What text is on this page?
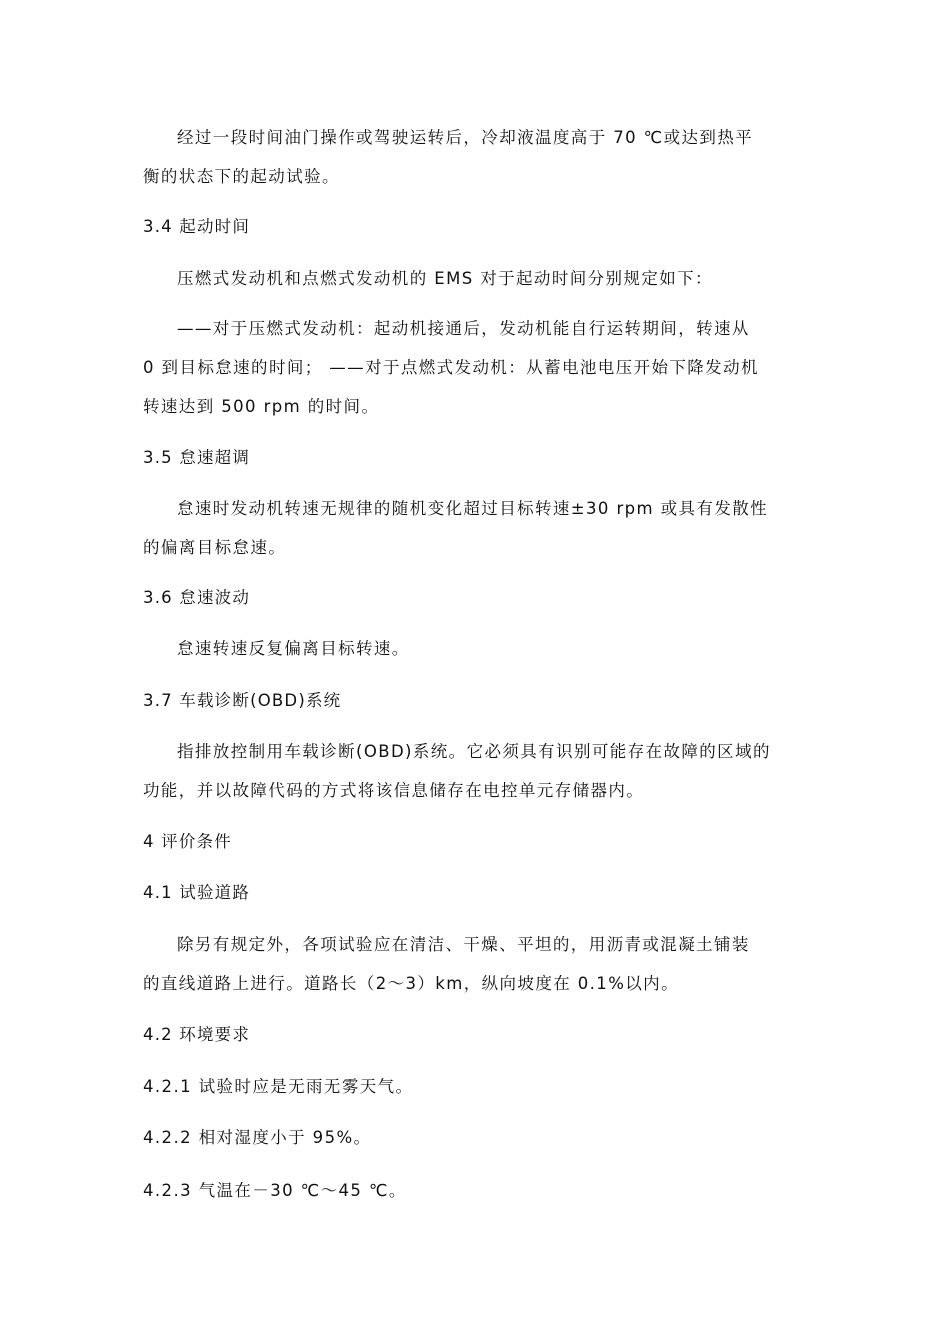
经过一段时间油门操作或驾驶运转后，冷却液温度高于 70 ℃或达到热平
衡的状态下的起动试验。
3.4 起动时间
压燃式发动机和点燃式发动机的 EMS 对于起动时间分别规定如下：
——对于压燃式发动机：起动机接通后，发动机能自行运转期间，转速从
0 到目标怠速的时间； ——对于点燃式发动机：从蓄电池电压开始下降发动机
转速达到 500 rpm 的时间。
3.5 怠速超调
怠速时发动机转速无规律的随机变化超过目标转速±30 rpm 或具有发散性
的偏离目标怠速。
3.6 怠速波动
怠速转速反复偏离目标转速。
3.7 车载诊断(OBD)系统
指排放控制用车载诊断(OBD)系统。它必须具有识别可能存在故障的区域的
功能，并以故障代码的方式将该信息储存在电控单元存储器内。
4 评价条件
4.1 试验道路
除另有规定外，各项试验应在清洁、干燥、平坦的，用沥青或混凝土铺装
的直线道路上进行。道路长（2～3）km，纵向坡度在 0.1%以内。
4.2 环境要求
4.2.1 试验时应是无雨无雾天气。
4.2.2 相对湿度小于 95%。
4.2.3 气温在－30 ℃～45 ℃。
